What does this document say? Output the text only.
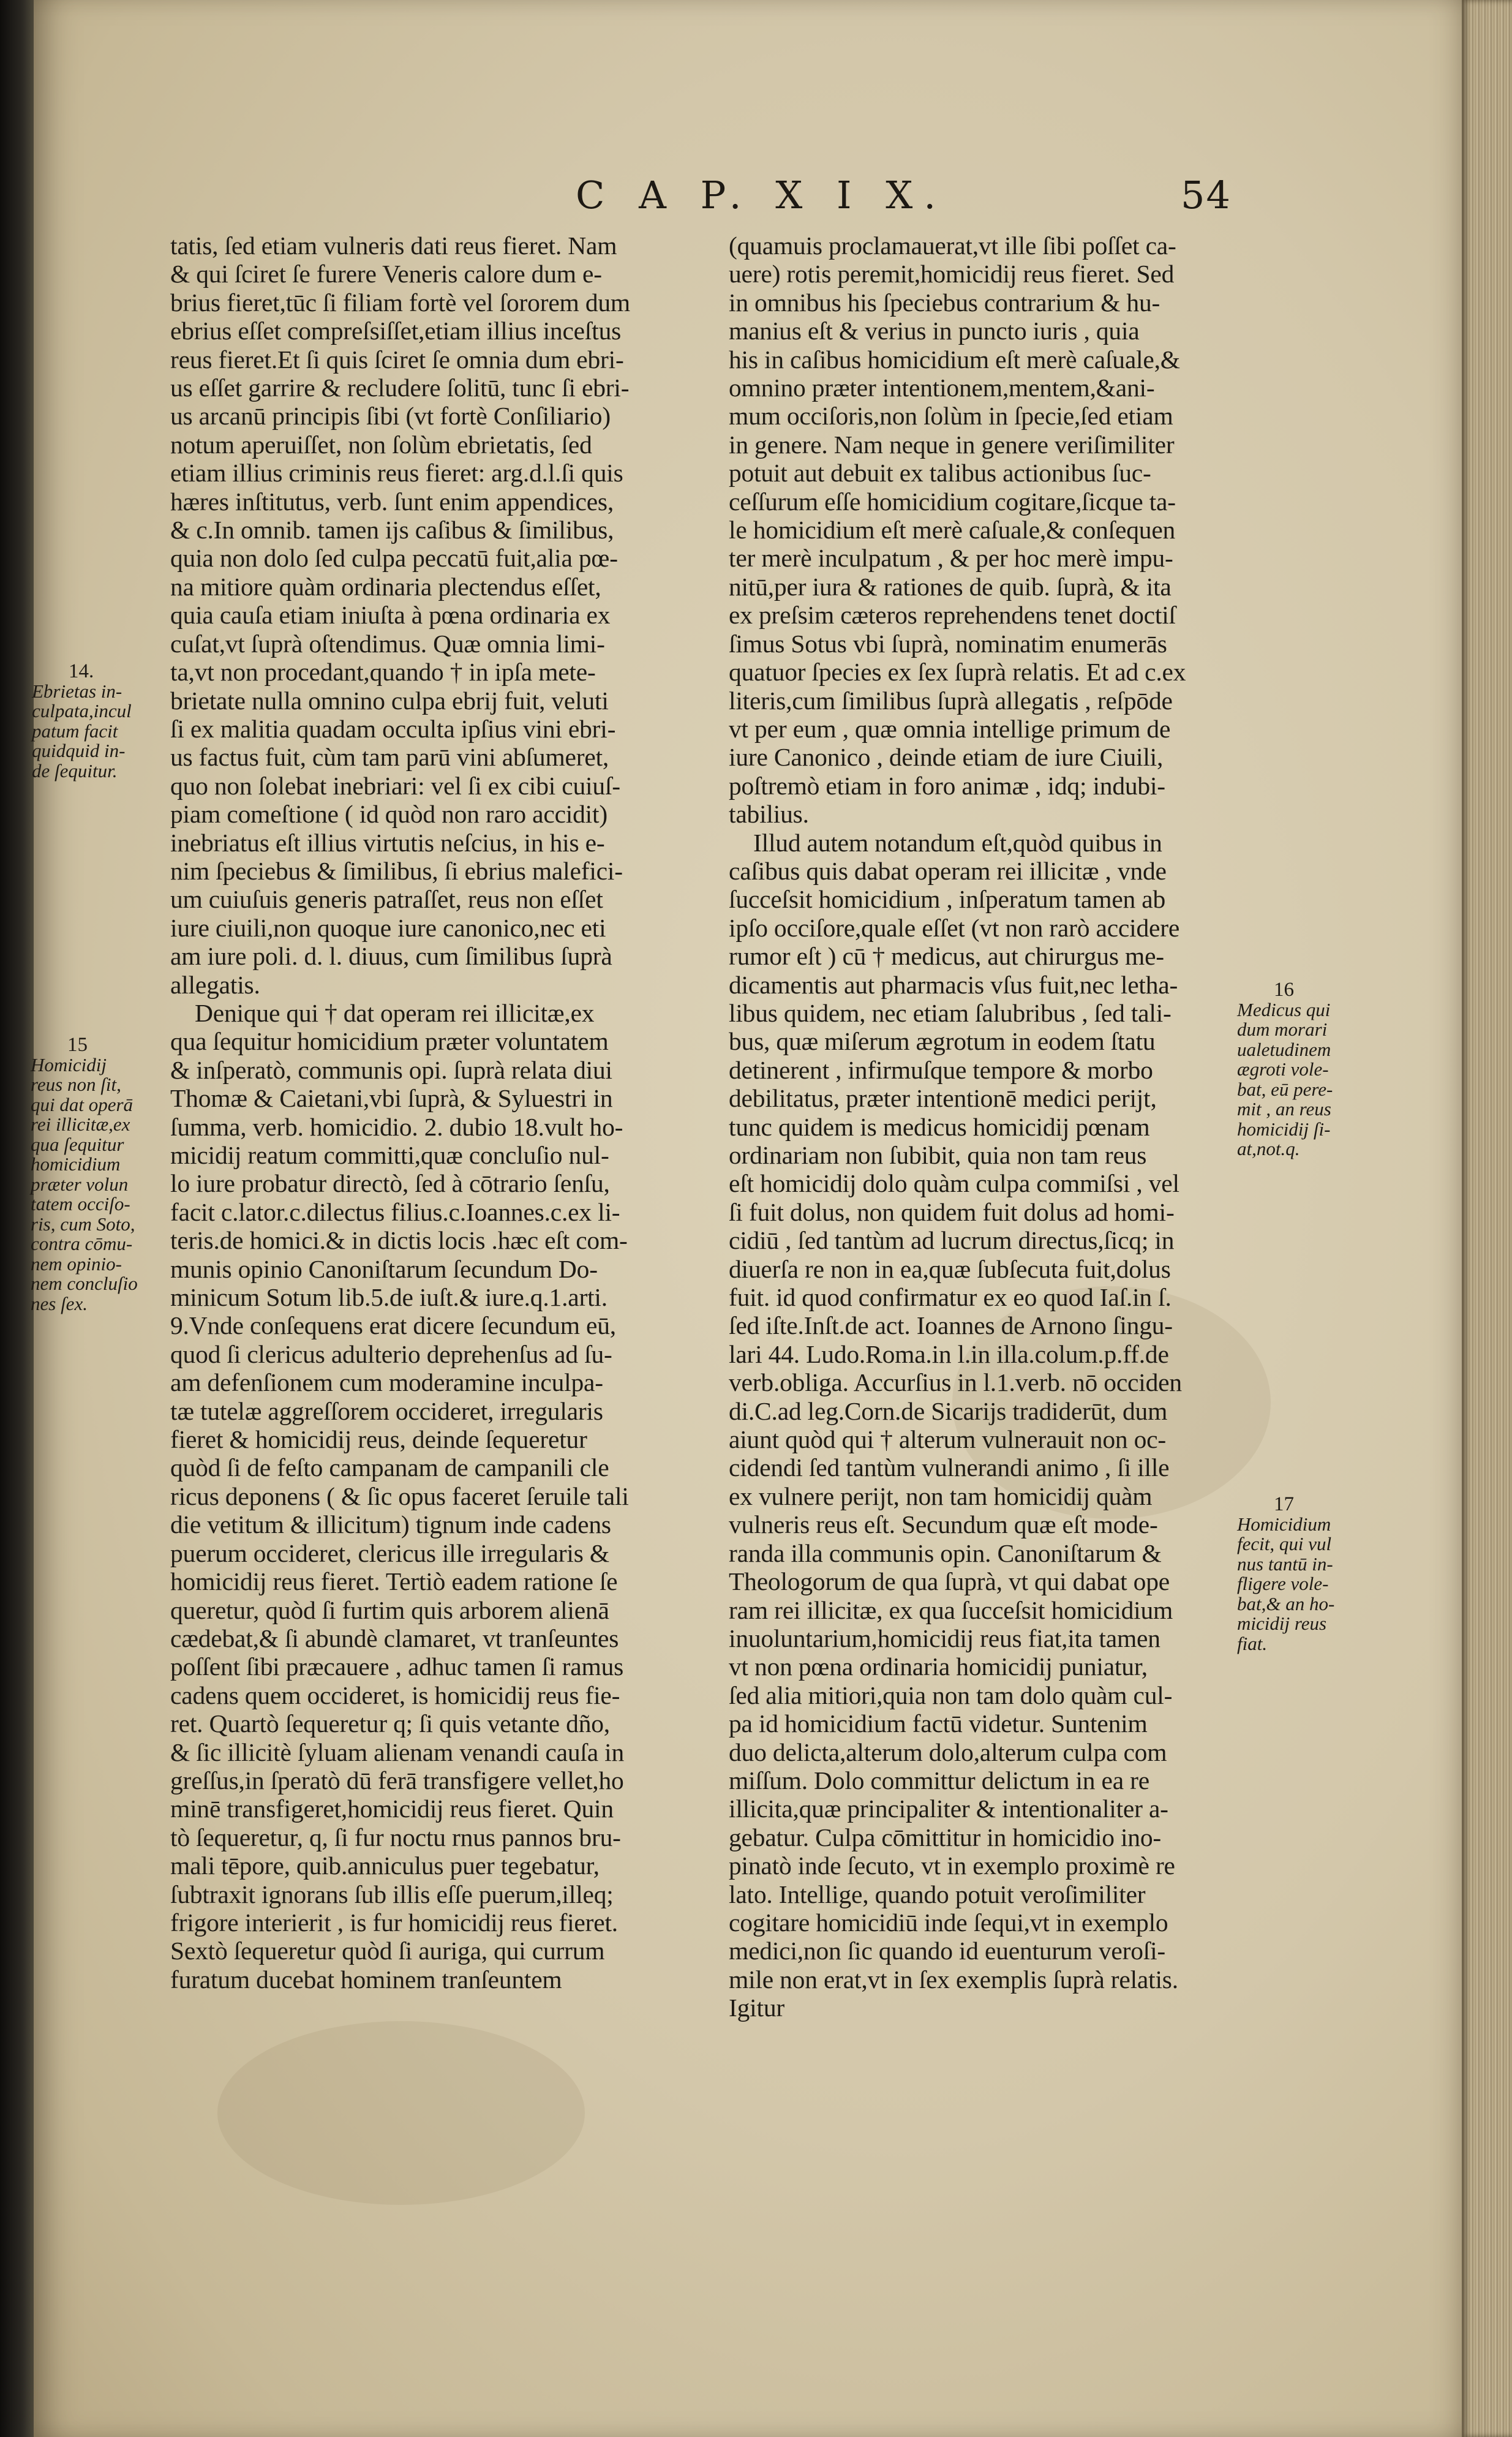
C A P. X I X.	54
tatis, ſed etiam vulneris dati reus fieret. Nam
& qui ſciret ſe furere Veneris calore dum e-
brius fieret,tūc ſi filiam fortè vel ſororem dum
ebrius eſſet compreſsiſſet,etiam illius inceſtus
reus fieret.Et ſi quis ſciret ſe omnia dum ebri-
us eſſet garrire & recludere ſolitū, tunc ſi ebri-
us arcanū principis ſibi (vt fortè Conſiliario)
notum aperuiſſet, non ſolùm ebrietatis, ſed
etiam illius criminis reus fieret: arg.d.l.ſi quis
hæres inſtitutus, verb. ſunt enim appendices,
& c.In omnib. tamen ijs caſibus & ſimilibus,
quia non dolo ſed culpa peccatū fuit,alia pœ-
na mitiore quàm ordinaria plectendus eſſet,
quia cauſa etiam iniuſta à pœna ordinaria ex
cuſat,vt ſuprà oſtendimus. Quæ omnia limi-
ta,vt non procedant,quando † in ipſa mete-
brietate nulla omnino culpa ebrij fuit, veluti
ſi ex malitia quadam occulta ipſius vini ebri-
us factus fuit, cùm tam parū vini abſumeret,
quo non ſolebat inebriari: vel ſi ex cibi cuiuſ-
piam comeſtione ( id quòd non raro accidit)
inebriatus eſt illius virtutis neſcius, in his e-
nim ſpeciebus & ſimilibus, ſi ebrius malefici-
um cuiuſuis generis patraſſet, reus non eſſet
iure ciuili,non quoque iure canonico,nec eti
am iure poli. d. l. diuus, cum ſimilibus ſuprà
allegatis.
Denique qui † dat operam rei illicitæ,ex
qua ſequitur homicidium præter voluntatem
& inſperatò, communis opi. ſuprà relata diui
Thomæ & Caietani,vbi ſuprà, & Syluestri in
ſumma, verb. homicidio. 2. dubio 18.vult ho-
micidij reatum committi,quæ concluſio nul-
lo iure probatur directò, ſed à cōtrario ſenſu,
facit c.lator.c.dilectus filius.c.Ioannes.c.ex li-
teris.de homici.& in dictis locis .hæc eſt com-
munis opinio Canoniſtarum ſecundum Do-
minicum Sotum lib.5.de iuſt.& iure.q.1.arti.
9.Vnde conſequens erat dicere ſecundum eū,
quod ſi clericus adulterio deprehenſus ad ſu-
am defenſionem cum moderamine inculpa-
tæ tutelæ aggreſſorem occideret, irregularis
fieret & homicidij reus, deinde ſequeretur
quòd ſi de feſto campanam de campanili cle
ricus deponens ( & ſic opus faceret ſeruile tali
die vetitum & illicitum) tignum inde cadens
puerum occideret, clericus ille irregularis &
homicidij reus fieret. Tertiò eadem ratione ſe
queretur, quòd ſi furtim quis arborem alienā
cædebat,& ſi abundè clamaret, vt tranſeuntes
poſſent ſibi præcauere , adhuc tamen ſi ramus
cadens quem occideret, is homicidij reus fie-
ret. Quartò ſequeretur q; ſi quis vetante dño,
& ſic illicitè ſyluam alienam venandi cauſa in
greſſus,in ſperatò dū ferā transfigere vellet,ho
minē transfigeret,homicidij reus fieret. Quin
tò ſequeretur, q, ſi fur noctu rnus pannos bru-
mali tēpore, quib.anniculus puer tegebatur,
ſubtraxit ignorans ſub illis eſſe puerum,illeq;
frigore interierit , is fur homicidij reus fieret.
Sextò ſequeretur quòd ſi auriga, qui currum
furatum ducebat hominem tranſeuntem
(quamuis proclamauerat,vt ille ſibi poſſet ca-
uere) rotis peremit,homicidij reus fieret. Sed
in omnibus his ſpeciebus contrarium & hu-
manius eſt & verius in puncto iuris , quia
his in caſibus homicidium eſt merè caſuale,&
omnino præter intentionem,mentem,&ani-
mum occiſoris,non ſolùm in ſpecie,ſed etiam
in genere. Nam neque in genere veriſimiliter
potuit aut debuit ex talibus actionibus ſuc-
ceſſurum eſſe homicidium cogitare,ſicque ta-
le homicidium eſt merè caſuale,& conſequen
ter merè inculpatum , & per hoc merè impu-
nitū,per iura & rationes de quib. ſuprà, & ita
ex preſsim cæteros reprehendens tenet doctiſ
ſimus Sotus vbi ſuprà, nominatim enumerās
quatuor ſpecies ex ſex ſuprà relatis. Et ad c.ex
literis,cum ſimilibus ſuprà allegatis , reſpōde
vt per eum , quæ omnia intellige primum de
iure Canonico , deinde etiam de iure Ciuili,
poſtremò etiam in foro animæ , idq; indubi-
tabilius.
Illud autem notandum eſt,quòd quibus in
caſibus quis dabat operam rei illicitæ , vnde
ſucceſsit homicidium , inſperatum tamen ab
ipſo occiſore,quale eſſet (vt non rarò accidere
rumor eſt ) cū † medicus, aut chirurgus me-
dicamentis aut pharmacis vſus fuit,nec letha-
libus quidem, nec etiam ſalubribus , ſed tali-
bus, quæ miſerum ægrotum in eodem ſtatu
detinerent , infirmuſque tempore & morbo
debilitatus, præter intentionē medici perijt,
tunc quidem is medicus homicidij pœnam
ordinariam non ſubibit, quia non tam reus
eſt homicidij dolo quàm culpa commiſsi , vel
ſi fuit dolus, non quidem fuit dolus ad homi-
cidiū , ſed tantùm ad lucrum directus,ſicq; in
diuerſa re non in ea,quæ ſubſecuta fuit,dolus
fuit. id quod confirmatur ex eo quod Iaſ.in ſ.
ſed iſte.Inſt.de act. Ioannes de Arnono ſingu-
lari 44. Ludo.Roma.in l.in illa.colum.p.ff.de
verb.obliga. Accurſius in l.1.verb. nō occiden
di.C.ad leg.Corn.de Sicarijs tradiderūt, dum
aiunt quòd qui † alterum vulnerauit non oc-
cidendi ſed tantùm vulnerandi animo , ſi ille
ex vulnere perijt, non tam homicidij quàm
vulneris reus eſt. Secundum quæ eſt mode-
randa illa communis opin. Canoniſtarum &
Theologorum de qua ſuprà, vt qui dabat ope
ram rei illicitæ, ex qua ſucceſsit homicidium
inuoluntarium,homicidij reus fiat,ita tamen
vt non pœna ordinaria homicidij puniatur,
ſed alia mitiori,quia non tam dolo quàm cul-
pa id homicidium factū videtur. Suntenim
duo delicta,alterum dolo,alterum culpa com
miſſum. Dolo committur delictum in ea re
illicita,quæ principaliter & intentionaliter a-
gebatur. Culpa cōmittitur in homicidio ino-
pinatò inde ſecuto, vt in exemplo proximè re
lato. Intellige, quando potuit veroſimiliter
cogitare homicidiū inde ſequi,vt in exemplo
medici,non ſic quando id euenturum veroſi-
mile non erat,vt in ſex exemplis ſuprà relatis.
Igitur
14.
Ebrietas in-
culpata,incul
patum facit
quidquid in-
de ſequitur.
15
Homicidij
reus non ſit,
qui dat operā
rei illicitæ,ex
qua ſequitur
homicidium
præter volun
tatem occiſo-
ris, cum Soto,
contra cōmu-
nem opinio-
nem concluſio
nes ſex.
16
Medicus qui
dum morari
ualetudinem
ægroti vole-
bat, eū pere-
mit , an reus
homicidij ſi-
at,not.q.
17
Homicidium
fecit, qui vul
nus tantū in-
fligere vole-
bat,& an ho-
micidij reus
fiat.
